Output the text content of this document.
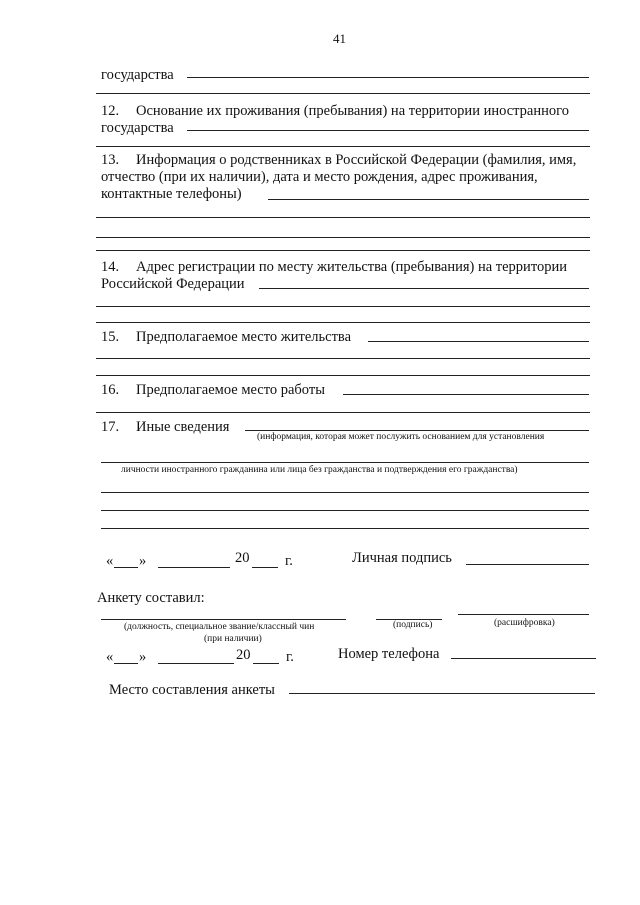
41
государства
12. Основание их проживания (пребывания) на территории иностранного
государства
13. Информация о родственниках в Российской Федерации (фамилия, имя,
отчество (при их наличии), дата и место рождения, адрес проживания,
контактные телефоны)
14. Адрес регистрации по месту жительства (пребывания) на территории
Российской Федерации
15. Предполагаемое место жительства
16. Предполагаемое место работы
17. Иные сведения
(информация, которая может послужить основанием для установления
личности иностранного гражданина или лица без гражданства и подтверждения его гражданства)
« »	20 г.	Личная подпись
Анкету составил:
(должность, специальное звание/классный чин
(при наличии)
(подпись)	(расшифровка)
« »	20 г.	Номер телефона
Место составления анкеты
